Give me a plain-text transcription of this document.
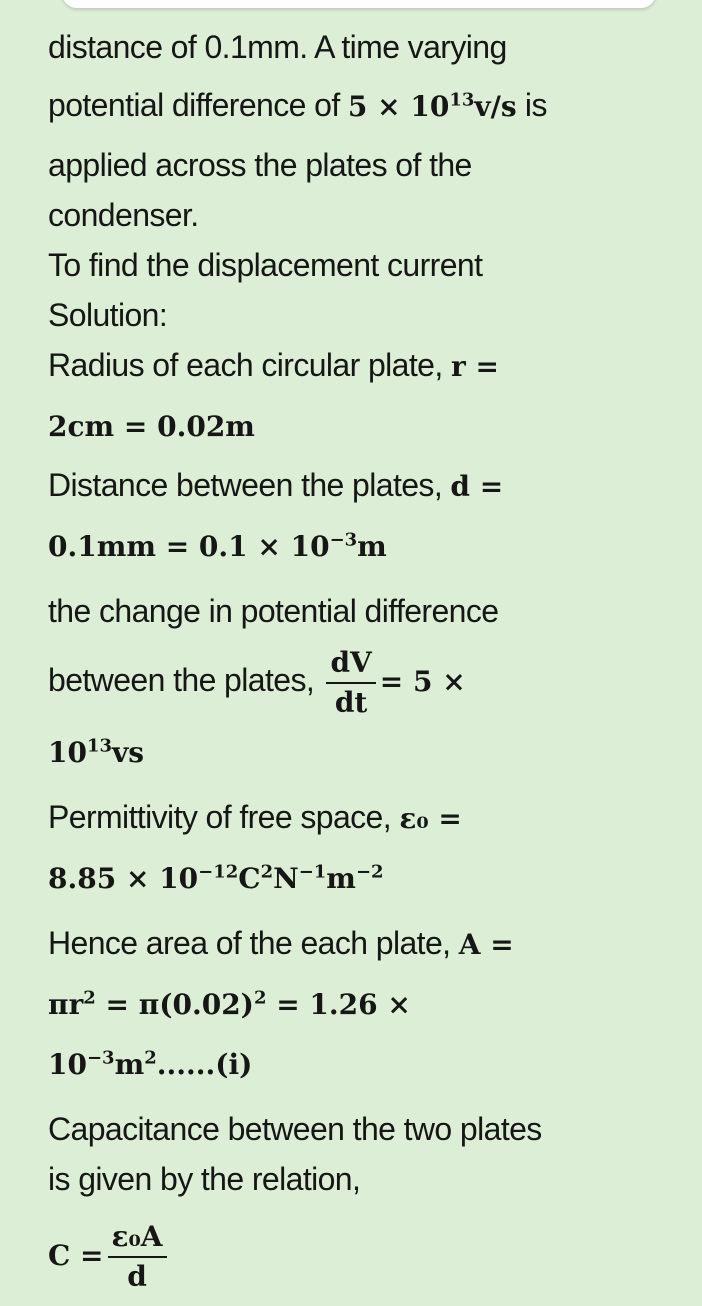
distance of 0.1mm. A time varying
potential difference of $5 \times 10^{13}v/s$ is
applied across the plates of the
condenser.
To find the displacement current
Solution:
Radius of each circular plate, r =
2cm = 0.02m
Distance between the plates, d =
$0.1mm = 0.1 \times 10^{-3}m$
the change in potential difference
between the plates, $\frac{dV}{dt} = 5$ ×
$10^{13}vs$
Permittivity of free space, ε₀ =
$8.85 \times 10^{-12}C^2N^{-1}m^{-2}$
Hence area of the each plate, A =
$\pi r^2 = \pi(0.02)^2 = 1.26$ ×
$10^{-3}m^2......(i)$
Capacitance between the two plates
is given by the relation,
$C = \frac{\text{ε₀A}}{d}$
